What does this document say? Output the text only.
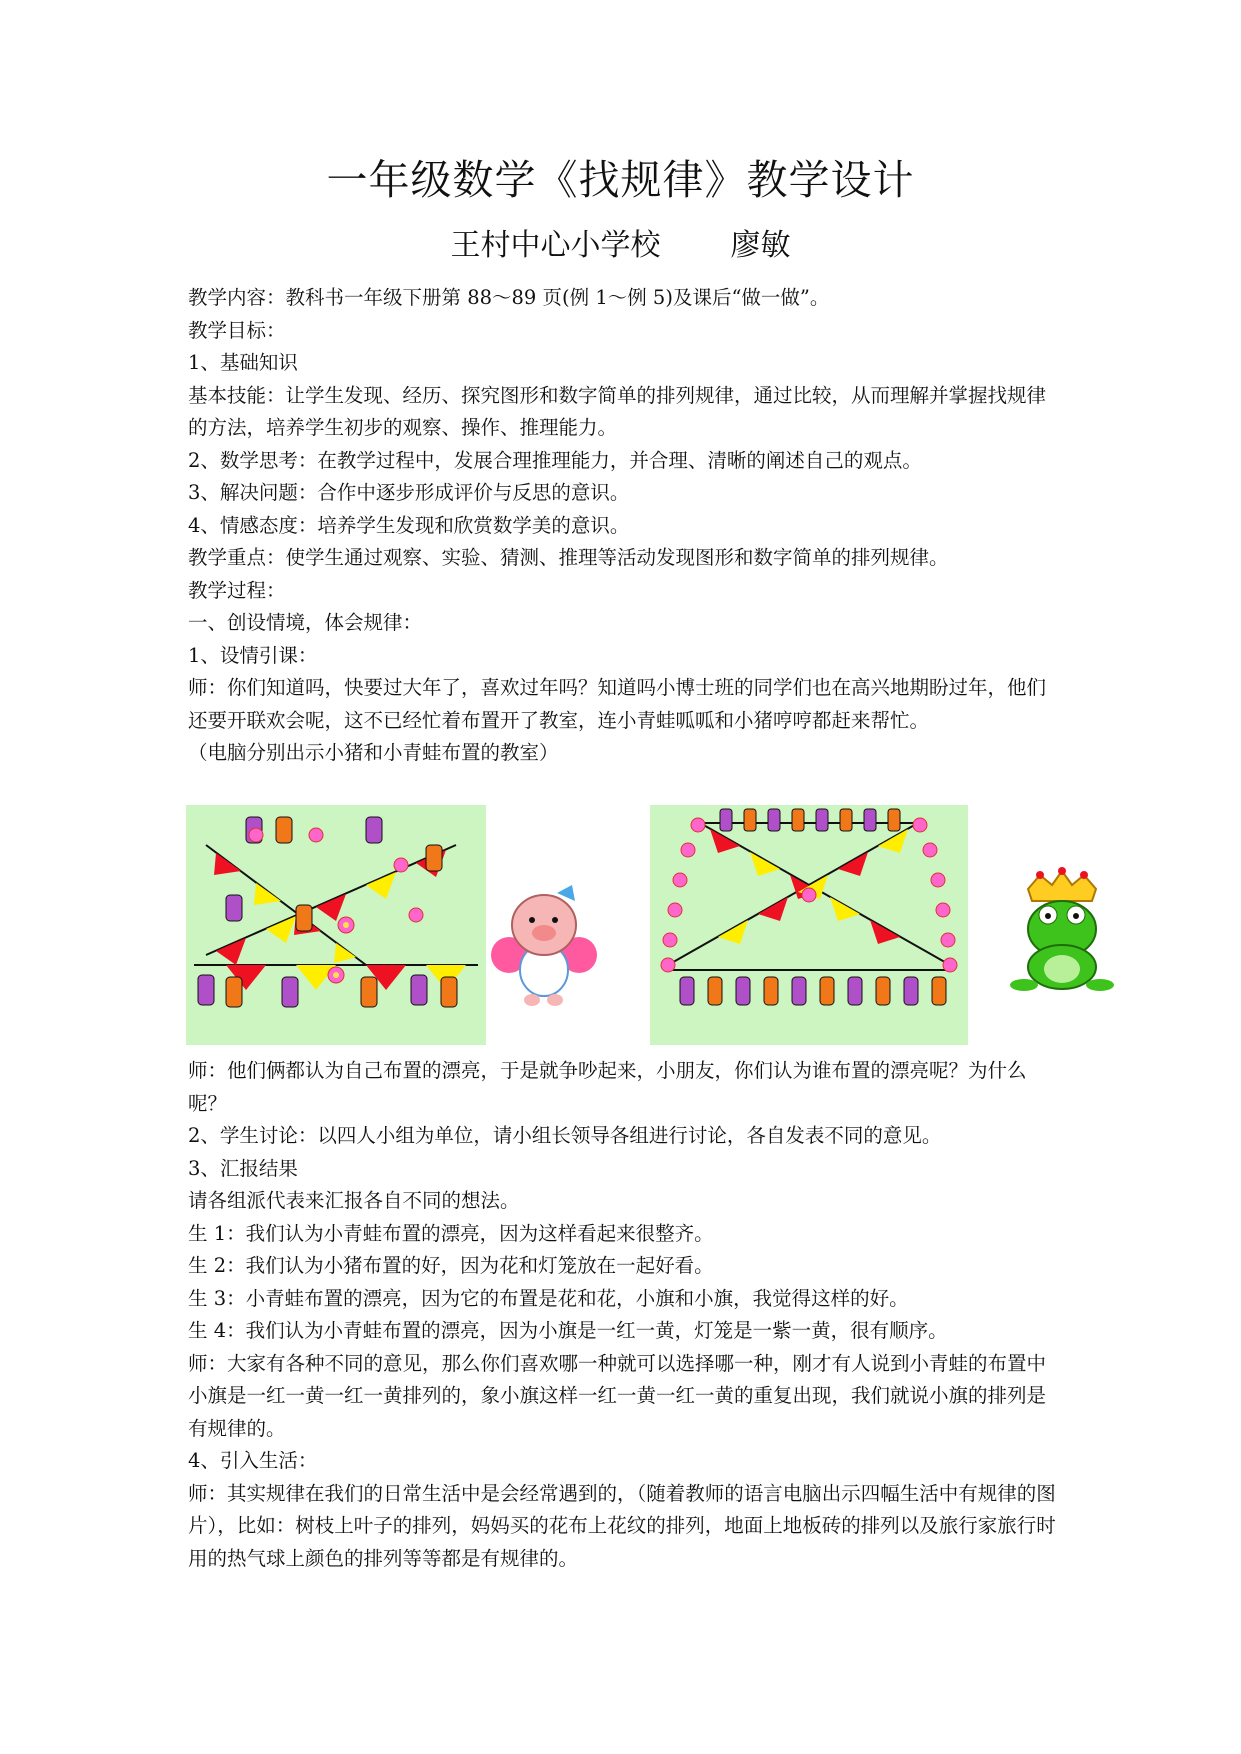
一年级数学《找规律》教学设计
王村中心小学校 廖敏

教学内容：教科书一年级下册第 88～89 页(例 1～例 5)及课后“做一做”。

教学目标：

1、基础知识

基本技能：让学生发现、经历、探究图形和数字简单的排列规律，通过比较，从而理解并掌握找规律的方法，培养学生初步的观察、操作、推理能力。

2、数学思考：在教学过程中，发展合理推理能力，并合理、清晰的阐述自己的观点。

3、解决问题：合作中逐步形成评价与反思的意识。

4、情感态度：培养学生发现和欣赏数学美的意识。

教学重点：使学生通过观察、实验、猜测、推理等活动发现图形和数字简单的排列规律。

教学过程：

一、创设情境，体会规律：

1、设情引课：

师：你们知道吗，快要过大年了，喜欢过年吗？知道吗小博士班的同学们也在高兴地期盼过年，他们还要开联欢会呢，这不已经忙着布置开了教室，连小青蛙呱呱和小猪哼哼都赶来帮忙。

（电脑分别出示小猪和小青蛙布置的教室）

师：他们俩都认为自己布置的漂亮，于是就争吵起来，小朋友，你们认为谁布置的漂亮呢？为什么呢？

2、学生讨论：以四人小组为单位，请小组长领导各组进行讨论，各自发表不同的意见。

3、汇报结果

请各组派代表来汇报各自不同的想法。

生 1：我们认为小青蛙布置的漂亮，因为这样看起来很整齐。

生 2：我们认为小猪布置的好，因为花和灯笼放在一起好看。

生 3：小青蛙布置的漂亮，因为它的布置是花和花，小旗和小旗，我觉得这样的好。

生 4：我们认为小青蛙布置的漂亮，因为小旗是一红一黄，灯笼是一紫一黄，很有顺序。

师：大家有各种不同的意见，那么你们喜欢哪一种就可以选择哪一种，刚才有人说到小青蛙的布置中小旗是一红一黄一红一黄排列的，象小旗这样一红一黄一红一黄的重复出现，我们就说小旗的排列是有规律的。

4、引入生活：

师：其实规律在我们的日常生活中是会经常遇到的，（随着教师的语言电脑出示四幅生活中有规律的图片），比如：树枝上叶子的排列，妈妈买的花布上花纹的排列，地面上地板砖的排列以及旅行家旅行时用的热气球上颜色的排列等等都是有规律的。
